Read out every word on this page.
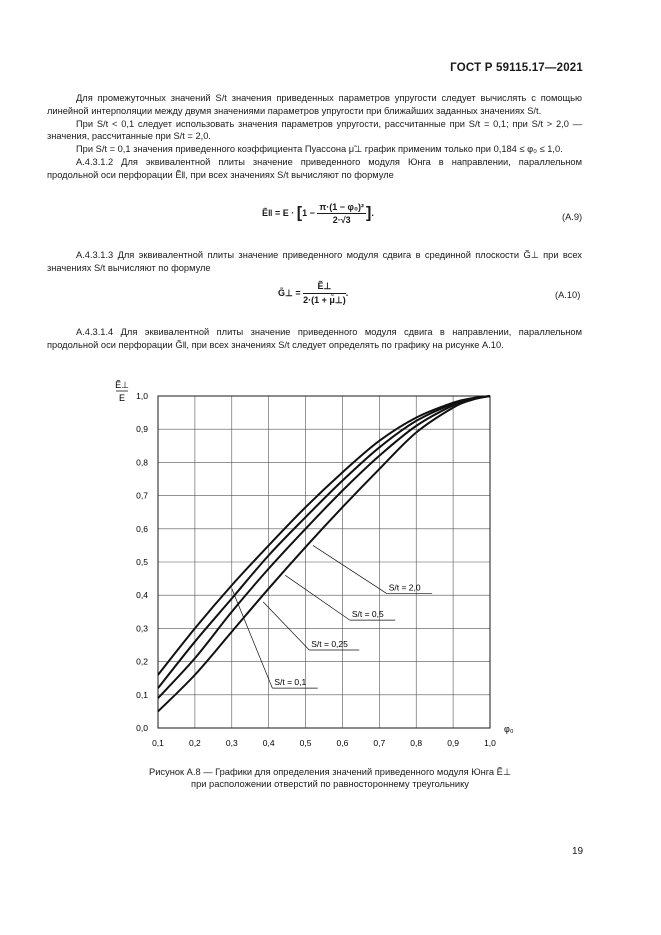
ГОСТ Р 59115.17—2021

Для промежуточных значений S/t значения приведенных параметров упругости следует вычислять с помощью линейной интерполяции между двумя значениями параметров упругости при ближайших заданных значениях S/t.

При S/t < 0,1 следует использовать значения параметров упругости, рассчитанные при S/t = 0,1; при S/t > 2,0 — значения, рассчитанные при S/t = 2,0.

При S/t = 0,1 значения приведенного коэффициента Пуассона μ̃⊥ график применим только при 0,184 ≤ φ₀ ≤ 1,0.

А.4.3.1.2 Для эквивалентной плиты значение приведенного модуля Юнга в направлении, параллельном продольной оси перфорации Ẽ‖, при всех значениях S/t вычисляют по формуле

Ẽ‖ = $E \cdot [1 - \frac{\text{π·(1 − φ₀)²}}{2\cdot√3}$ ].	(А.9)

А.4.3.1.3 Для эквивалентной плиты значение приведенного модуля сдвига в срединной плоскости G̃⊥ при всех значениях S/t вычисляют по формуле

G̃⊥ = $\frac{\text{Ẽ⊥}}{2\cdot(1 + \mũ\perp)}$ .	(А.10)

А.4.3.1.4 Для эквивалентной плиты значение приведенного модуля сдвига в направлении, параллельном продольной оси перфорации G̃‖, при всех значениях S/t следует определять по графику на рисунке А.10.

0,1	0,2	0,3	0,4	0,5	0,6	0,7	0,8	0,9	1,0
0,0
0,1
0,2
0,3
0,4
0,5
0,6
0,7
0,8
0,9
1,0
S/t = 2,0
S/t = 0,5
S/t = 0,25
S/t = 0,1
Ẽ⊥
E
φ₀
Рисунок А.8 — Графики для определения значений приведенного модуля Юнга Ẽ⊥
при расположении отверстий по равностороннему треугольнику
19
